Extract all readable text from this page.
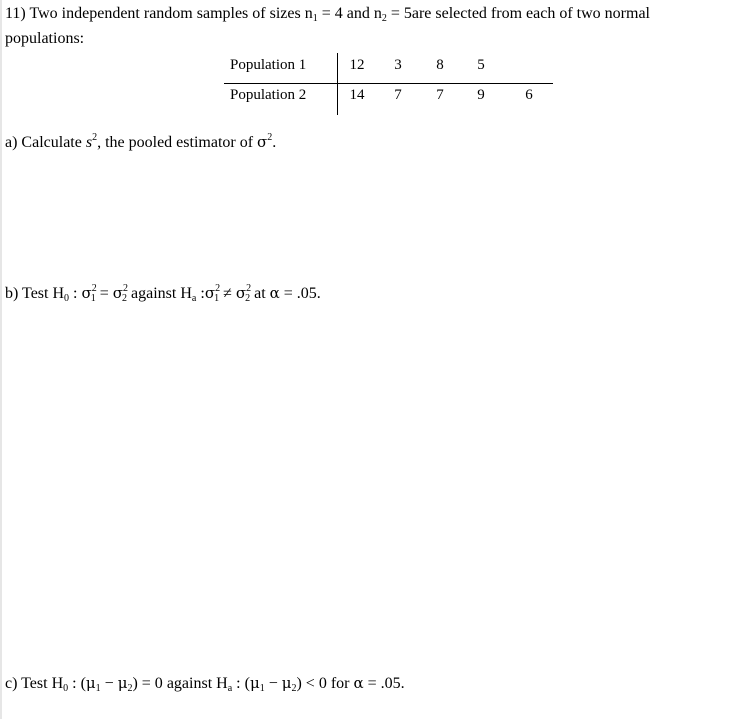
11) Two independent random samples of sizes $n_1 = 4$ and $n_2 = 5are$ selected from each of two normal
populations:
Population 1	12	3	8	5
Population 2	14	7	7	9	6
a) Calculate $s^2$, the pooled estimator of $\sigma^2$.
b) Test $H_0$ : $\sigma^2_1 = \sigma^2_2$ against $H_a$ $:\sigma^2_1 \ne \sigma^2_2$ at α = .05.
c) Test $H_0$ : $(\mu_1 - \mu_2) = 0$ against $H_a$ : $(\mu_1 - \mu_2) < 0$ for α = .05.
